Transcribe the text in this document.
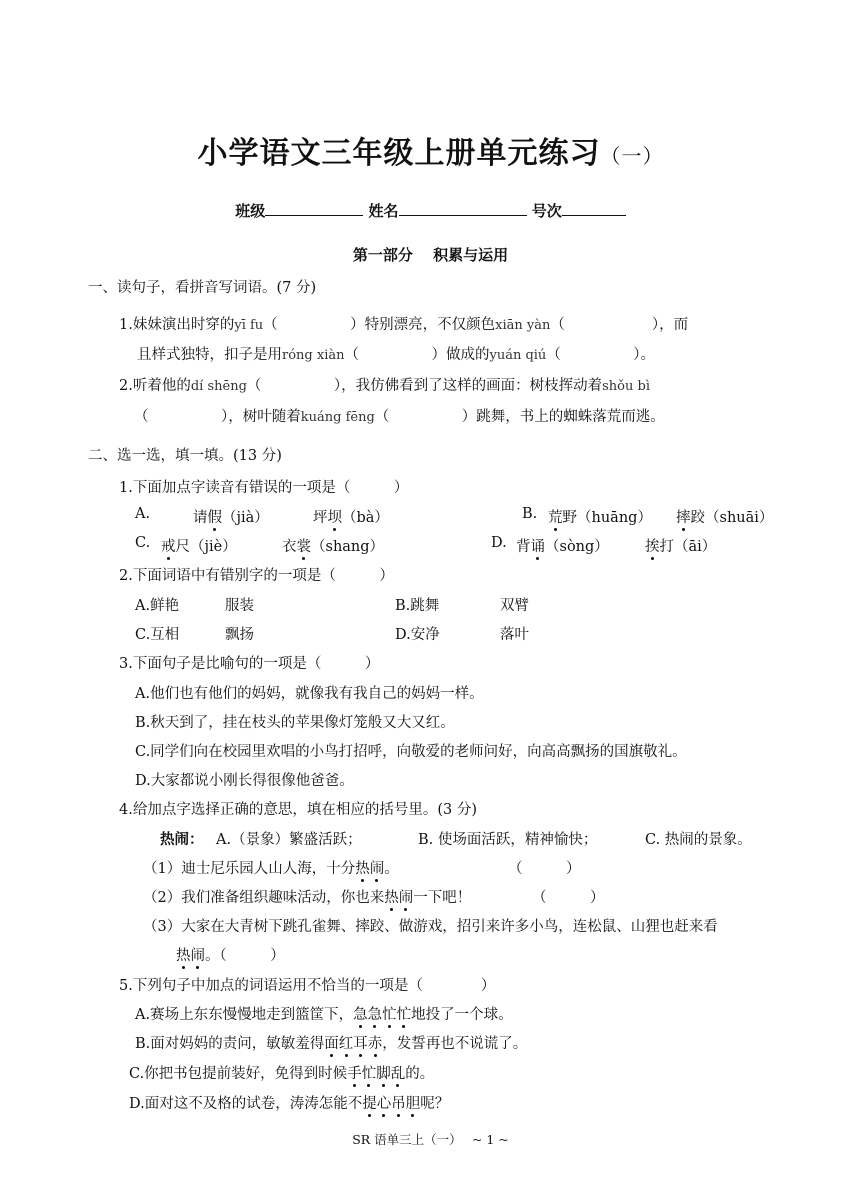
小学语文三年级上册单元练习（一）
班级	姓名	号次
第一部分　 积累与运用
一、读句子，看拼音写词语。(7 分)
1.妹妹演出时穿的yī fu（　　　　　）特别漂亮，不仅颜色xiān yàn（　　　　　　），而
且样式独特，扣子是用róng xiàn（　　　　　）做成的yuán qiú（　　　　　）。
2.听着他的dí shēng（　　　　　），我仿佛看到了这样的画面：树枝挥动着shǒu bì
（　　　　　），树叶随着kuáng fēng（　　　　　）跳舞，书上的蜘蛛落荒而逃。
二、选一选，填一填。(13 分)
1.下面加点字读音有错误的一项是（　　　）
A.	请假（jià）	坪坝（bà）	B. 荒野（huāng） 摔跤（shuāi）
C. 戒尺（jiè）	衣裳（shang）	D. 背诵（sòng） 挨打（āi）
2.下面词语中有错别字的一项是（　　　）
A.鲜艳	服装	B.跳舞	双臂
C.互相	飘扬	D.安净	落叶
3.下面句子是比喻句的一项是（　　　）
A.他们也有他们的妈妈，就像我有我自己的妈妈一样。
B.秋天到了，挂在枝头的苹果像灯笼般又大又红。
C.同学们向在校园里欢唱的小鸟打招呼，向敬爱的老师问好，向高高飘扬的国旗敬礼。
D.大家都说小刚长得很像他爸爸。
4.给加点字选择正确的意思，填在相应的括号里。(3 分)
热闹： A.（景象）繁盛活跃；	B. 使场面活跃，精神愉快；	C. 热闹的景象。
（1）迪士尼乐园人山人海，十分热闹。	（　　　）
（2）我们准备组织趣味活动，你也来热闹一下吧！	（　　　）
（3）大家在大青树下跳孔雀舞、摔跤、做游戏，招引来许多小鸟，连松鼠、山狸也赶来看
热闹。（　　　）
5.下列句子中加点的词语运用不恰当的一项是（　　　　）
A.赛场上东东慢慢地走到篮筐下，急急忙忙地投了一个球。
B.面对妈妈的责问，敏敏羞得面红耳赤，发誓再也不说谎了。
C.你把书包提前装好，免得到时候手忙脚乱的。
D.面对这不及格的试卷，涛涛怎能不提心吊胆呢？
SR 语单三上（一）　 ~ 1 ~
